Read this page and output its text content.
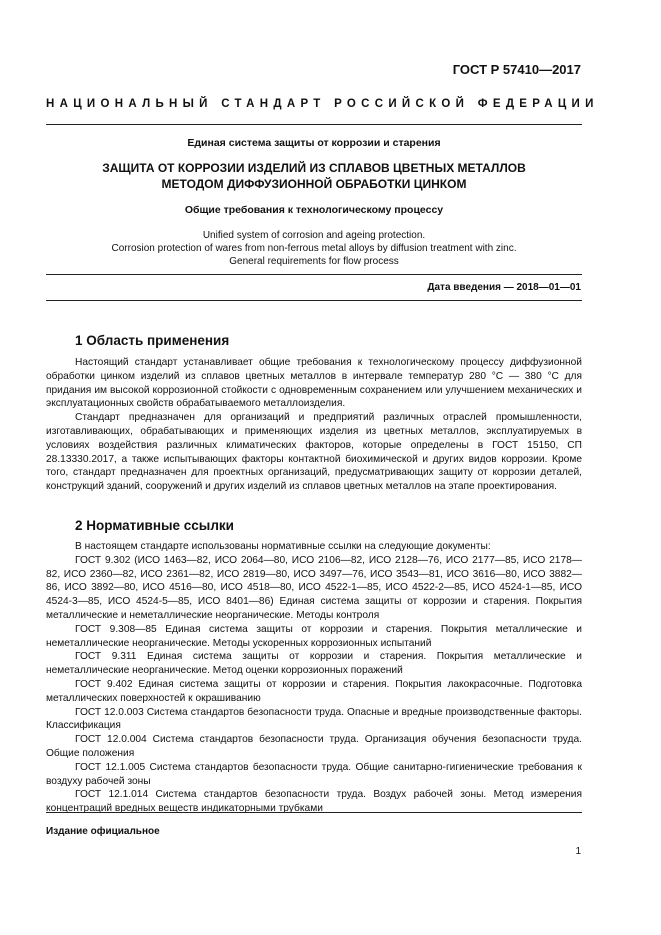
ГОСТ Р 57410—2017
НАЦИОНАЛЬНЫЙ СТАНДАРТ РОССИЙСКОЙ ФЕДЕРАЦИИ
Единая система защиты от коррозии и старения
ЗАЩИТА ОТ КОРРОЗИИ ИЗДЕЛИЙ ИЗ СПЛАВОВ ЦВЕТНЫХ МЕТАЛЛОВ
МЕТОДОМ ДИФФУЗИОННОЙ ОБРАБОТКИ ЦИНКОМ
Общие требования к технологическому процессу
Unified system of corrosion and ageing protection.
Corrosion protection of wares from non-ferrous metal alloys by diffusion treatment with zinc.
General requirements for flow process
Дата введения — 2018—01—01
1 Область применения

Настоящий стандарт устанавливает общие требования к технологическому процессу диффузионной обработки цинком изделий из сплавов цветных металлов в интервале температур 280 °C — 380 °C для придания им высокой коррозионной стойкости с одновременным сохранением или улучшением механических и эксплуатационных свойств обрабатываемого металлоизделия.

Стандарт предназначен для организаций и предприятий различных отраслей промышленности, изготавливающих, обрабатывающих и применяющих изделия из цветных металлов, эксплуатируемых в условиях воздействия различных климатических факторов, которые определены в ГОСТ 15150, СП 28.13330.2017, а также испытывающих факторы контактной биохимической и других видов коррозии. Кроме того, стандарт предназначен для проектных организаций, предусматривающих защиту от коррозии деталей, конструкций зданий, сооружений и других изделий из сплавов цветных металлов на этапе проектирования.

2 Нормативные ссылки

В настоящем стандарте использованы нормативные ссылки на следующие документы:

ГОСТ 9.302 (ИСО 1463—82, ИСО 2064—80, ИСО 2106—82, ИСО 2128—76, ИСО 2177—85, ИСО 2178—82, ИСО 2360—82, ИСО 2361—82, ИСО 2819—80, ИСО 3497—76, ИСО 3543—81, ИСО 3616—80, ИСО 3882—86, ИСО 3892—80, ИСО 4516—80, ИСО 4518—80, ИСО 4522-1—85, ИСО 4522-2—85, ИСО 4524-1—85, ИСО 4524-3—85, ИСО 4524-5—85, ИСО 8401—86) Единая система защиты от коррозии и старения. Покрытия металлические и неметаллические неорганические. Методы контроля

ГОСТ 9.308—85 Единая система защиты от коррозии и старения. Покрытия металлические и неметаллические неорганические. Методы ускоренных коррозионных испытаний

ГОСТ 9.311 Единая система защиты от коррозии и старения. Покрытия металлические и неметаллические неорганические. Метод оценки коррозионных поражений

ГОСТ 9.402 Единая система защиты от коррозии и старения. Покрытия лакокрасочные. Подготовка металлических поверхностей к окрашиванию

ГОСТ 12.0.003 Система стандартов безопасности труда. Опасные и вредные производственные факторы. Классификация

ГОСТ 12.0.004 Система стандартов безопасности труда. Организация обучения безопасности труда. Общие положения

ГОСТ 12.1.005 Система стандартов безопасности труда. Общие санитарно-гигиенические требования к воздуху рабочей зоны

ГОСТ 12.1.014 Система стандартов безопасности труда. Воздух рабочей зоны. Метод измерения концентраций вредных веществ индикаторными трубками

Издание официальное
1
